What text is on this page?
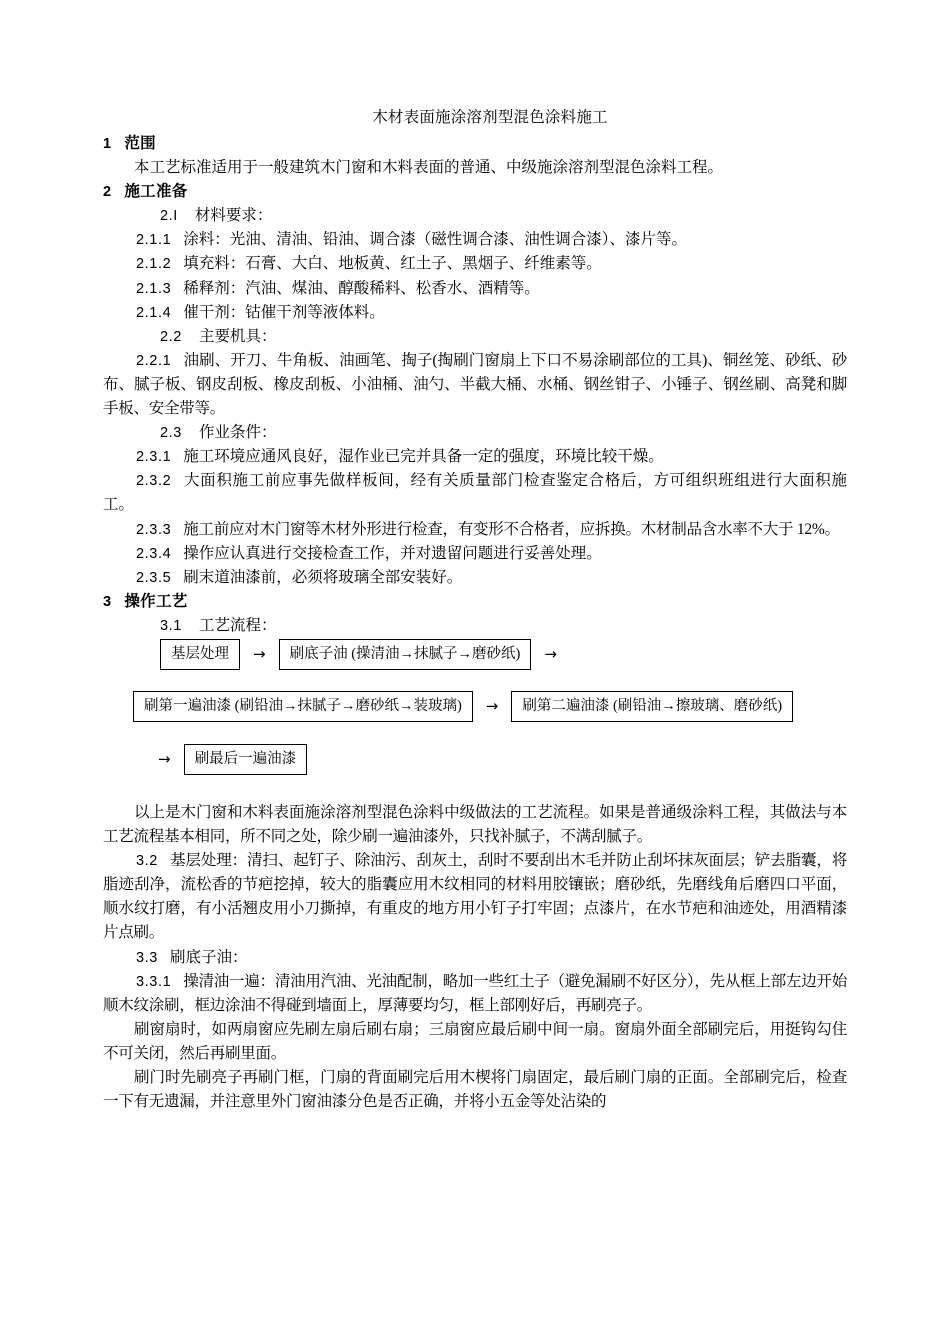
木材表面施涂溶剂型混色涂料施工

1 范围

本工艺标准适用于一般建筑木门窗和木料表面的普通、中级施涂溶剂型混色涂料工程。

2 施工准备

2.I 材料要求：

2.1.1 涂料：光油、清油、铅油、调合漆（磁性调合漆、油性调合漆）、漆片等。

2.1.2 填充料：石膏、大白、地板黄、红土子、黑烟子、纤维素等。

2.1.3 稀释剂：汽油、煤油、醇酸稀料、松香水、酒精等。

2.1.4 催干剂：钴催干剂等液体料。

2.2 主要机具：

2.2.1 油刷、开刀、牛角板、油画笔、掏子(掏刷门窗扇上下口不易涂刷部位的工具)、铜丝笼、砂纸、砂布、腻子板、钢皮刮板、橡皮刮板、小油桶、油勺、半截大桶、水桶、钢丝钳子、小锤子、钢丝刷、高凳和脚手板、安全带等。

2.3 作业条件：

2.3.1 施工环境应通风良好，湿作业已完并具备一定的强度，环境比较干燥。

2.3.2 大面积施工前应事先做样板间，经有关质量部门检查鉴定合格后，方可组织班组进行大面积施工。

2.3.3 施工前应对木门窗等木材外形进行检查，有变形不合格者，应拆换。木材制品含水率不大于 12%。

2.3.4 操作应认真进行交接检查工作，并对遗留问题进行妥善处理。

2.3.5 刷末道油漆前，必须将玻璃全部安装好。

3 操作工艺

3.1 工艺流程：

基层处理	→	刷底子油 (操清油→抹腻子→磨砂纸)	→
刷第一遍油漆 (刷铅油→抹腻子→磨砂纸→装玻璃)	→	刷第二遍油漆 (刷铅油→擦玻璃、磨砂纸)
→	刷最后一遍油漆

以上是木门窗和木料表面施涂溶剂型混色涂料中级做法的工艺流程。如果是普通级涂料工程，其做法与本工艺流程基本相同，所不同之处，除少刷一遍油漆外，只找补腻子，不满刮腻子。

3.2 基层处理：清扫、起钉子、除油污、刮灰土，刮时不要刮出木毛并防止刮坏抹灰面层；铲去脂囊，将脂迹刮净，流松香的节疤挖掉，较大的脂囊应用木纹相同的材料用胶镶嵌；磨砂纸，先磨线角后磨四口平面，顺水纹打磨，有小活翘皮用小刀撕掉，有重皮的地方用小钉子打牢固；点漆片，在水节疤和油迹处，用酒精漆片点刷。

3.3 刷底子油：

3.3.1 操清油一遍：清油用汽油、光油配制，略加一些红土子（避免漏刷不好区分），先从框上部左边开始顺木纹涂刷，框边涂油不得碰到墙面上，厚薄要均匀，框上部刚好后，再刷亮子。

刷窗扇时，如两扇窗应先刷左扇后刷右扇；三扇窗应最后刷中间一扇。窗扇外面全部刷完后，用挺钩勾住不可关闭，然后再刷里面。

刷门时先刷亮子再刷门框，门扇的背面刷完后用木楔将门扇固定，最后刷门扇的正面。全部刷完后，检查一下有无遗漏，并注意里外门窗油漆分色是否正确，并将小五金等处沾染的
